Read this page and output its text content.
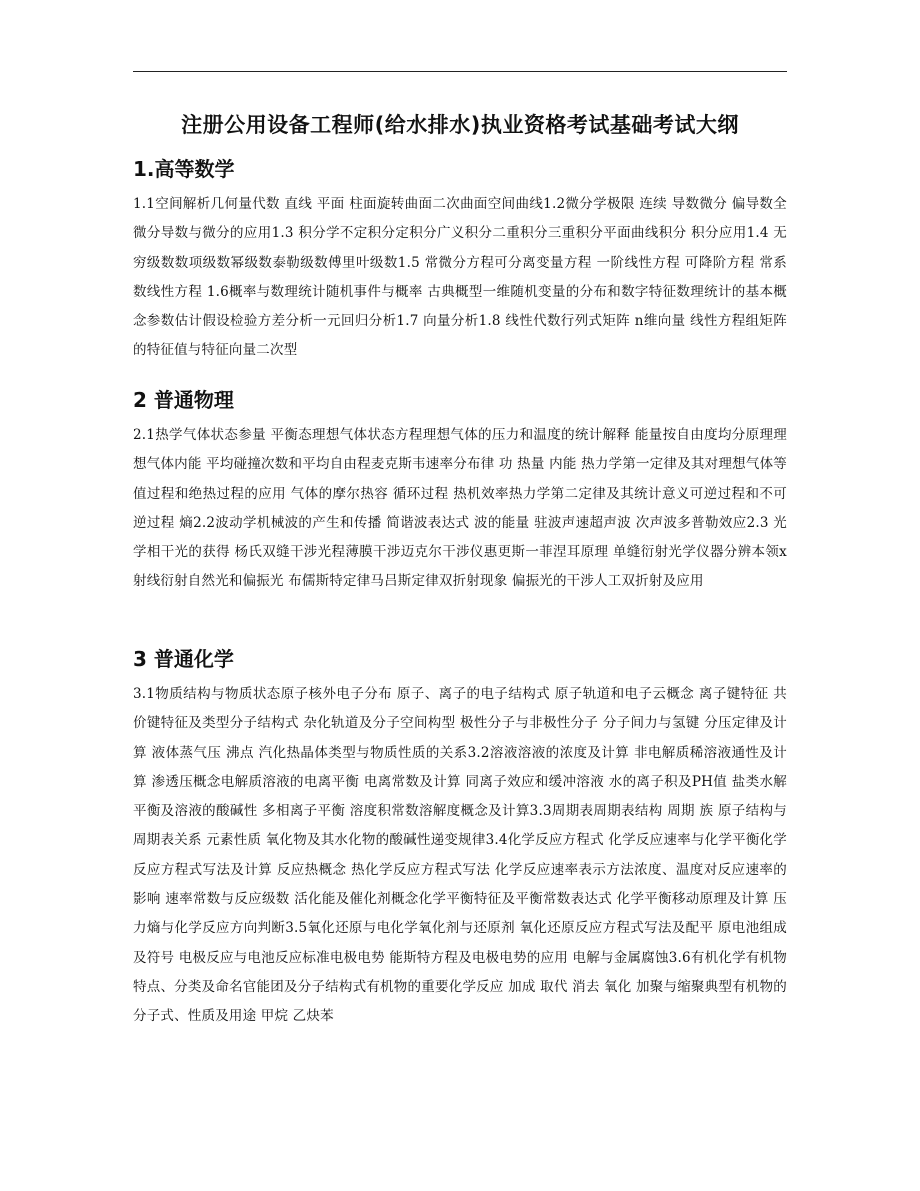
注册公用设备工程师(给水排水)执业资格考试基础考试大纲
1.高等数学

1.1空间解析几何量代数 直线 平面 柱面旋转曲面二次曲面空间曲线1.2微分学极限 连续 导数微分 偏导数全微分导数与微分的应用1.3 积分学不定积分定积分广义积分二重积分三重积分平面曲线积分 积分应用1.4 无穷级数数项级数幂级数泰勒级数傅里叶级数1.5 常微分方程可分离变量方程 一阶线性方程 可降阶方程 常系数线性方程 1.6概率与数理统计随机事件与概率 古典概型一维随机变量的分布和数字特征数理统计的基本概念参数估计假设检验方差分析一元回归分析1.7 向量分析1.8 线性代数行列式矩阵 n维向量 线性方程组矩阵的特征值与特征向量二次型

2 普通物理

2.1热学气体状态参量 平衡态理想气体状态方程理想气体的压力和温度的统计解释 能量按自由度均分原理理想气体内能 平均碰撞次数和平均自由程麦克斯韦速率分布律 功 热量 内能 热力学第一定律及其对理想气体等值过程和绝热过程的应用 气体的摩尔热容 循环过程 热机效率热力学第二定律及其统计意义可逆过程和不可逆过程 熵2.2波动学机械波的产生和传播 简谐波表达式 波的能量 驻波声速超声波 次声波多普勒效应2.3 光学相干光的获得 杨氏双缝干涉光程薄膜干涉迈克尔干涉仪惠更斯一菲涅耳原理 单缝衍射光学仪器分辨本领x射线衍射自然光和偏振光 布儒斯特定律马吕斯定律双折射现象 偏振光的干涉人工双折射及应用

3 普通化学

3.1物质结构与物质状态原子核外电子分布 原子、离子的电子结构式 原子轨道和电子云概念 离子键特征 共价键特征及类型分子结构式 杂化轨道及分子空间构型 极性分子与非极性分子 分子间力与氢键 分压定律及计算 液体蒸气压 沸点 汽化热晶体类型与物质性质的关系3.2溶液溶液的浓度及计算 非电解质稀溶液通性及计算 渗透压概念电解质溶液的电离平衡 电离常数及计算 同离子效应和缓冲溶液 水的离子积及PH值 盐类水解平衡及溶液的酸碱性 多相离子平衡 溶度积常数溶解度概念及计算3.3周期表周期表结构 周期 族 原子结构与周期表关系 元素性质 氧化物及其水化物的酸碱性递变规律3.4化学反应方程式 化学反应速率与化学平衡化学反应方程式写法及计算 反应热概念 热化学反应方程式写法 化学反应速率表示方法浓度、温度对反应速率的影响 速率常数与反应级数 活化能及催化剂概念化学平衡特征及平衡常数表达式 化学平衡移动原理及计算 压力熵与化学反应方向判断3.5氧化还原与电化学氧化剂与还原剂 氧化还原反应方程式写法及配平 原电池组成及符号 电极反应与电池反应标准电极电势 能斯特方程及电极电势的应用 电解与金属腐蚀3.6有机化学有机物特点、分类及命名官能团及分子结构式有机物的重要化学反应 加成 取代 消去 氧化 加聚与缩聚典型有机物的分子式、性质及用途 甲烷 乙炔苯
